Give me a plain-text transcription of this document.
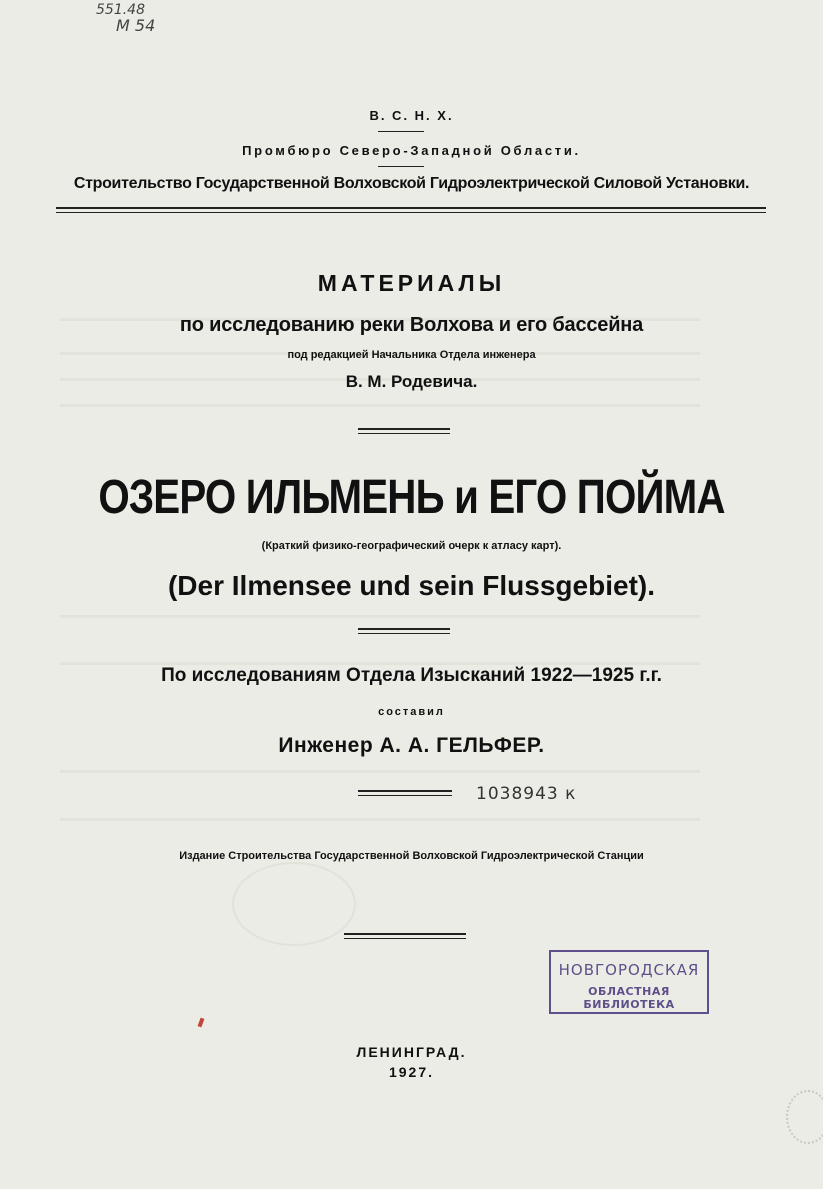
551.48
М 54
В. С. Н. Х.
Промбюро Северо-Западной Области.
Строительство Государственной Волховской Гидроэлектрической Силовой Установки.
МАТЕРИАЛЫ
по исследованию реки Волхова и его бассейна
под редакцией Начальника Отдела инженера
В. М. Родевича.
ОЗЕРО ИЛЬМЕНЬ и ЕГО ПОЙМА
(Краткий физико-географический очерк к атласу карт).
(Der Ilmensee und sein Flussgebiet).
По исследованиям Отдела Изысканий 1922—1925 г.г.
составил
Инженер А. А. ГЕЛЬФЕР.
1038943 к
Издание Строительства Государственной Волховской Гидроэлектрической Станции
НОВГОРОДСКАЯ
ОБЛАСТНАЯ БИБЛИОТЕКА
ЛЕНИНГРАД.
1927.
